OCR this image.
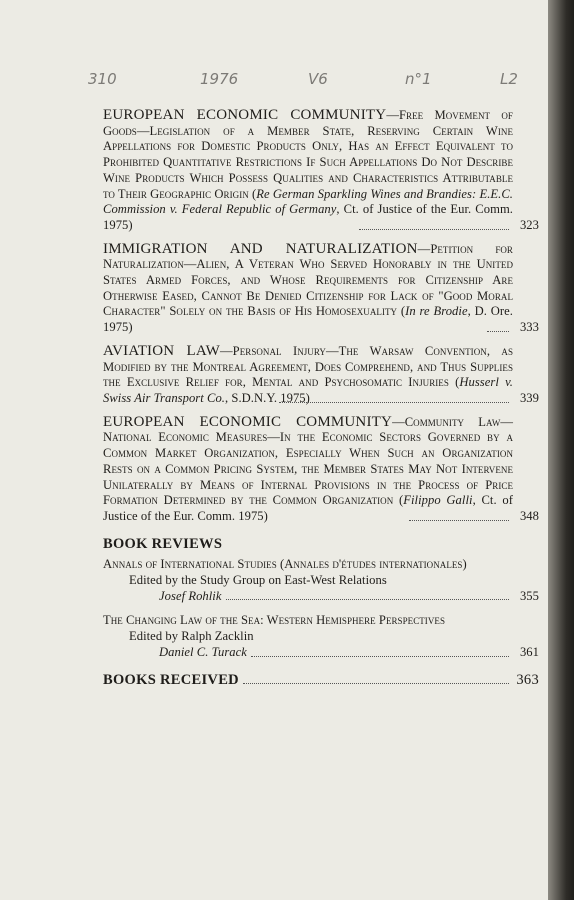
310	1976	V6	n°1	L2

EUROPEAN ECONOMIC COMMUNITY—Free Movement of Goods—Legislation of a Member State, Reserving Certain Wine Appellations for Domestic Products Only, Has an Effect Equivalent to Prohibited Quantitative Restrictions If Such Appellations Do Not Describe Wine Products Which Possess Qualities and Characteristics Attributable to Their Geographic Origin (Re German Sparkling Wines and Brandies: E.E.C. Commission v. Federal Republic of Germany, Ct. of Justice of the Eur. Comm. 1975)	323

IMMIGRATION AND NATURALIZATION—Petition for Naturalization—Alien, A Veteran Who Served Honorably in the United States Armed Forces, and Whose Requirements for Citizenship Are Otherwise Eased, Cannot Be Denied Citizenship for Lack of "Good Moral Character" Solely on the Basis of His Homosexuality (In re Brodie, D. Ore. 1975)	333

AVIATION LAW—Personal Injury—The Warsaw Convention, as Modified by the Montreal Agreement, Does Comprehend, and Thus Supplies the Exclusive Relief for, Mental and Psychosomatic Injuries (Husserl v. Swiss Air Transport Co., S.D.N.Y. 1975)	339

EUROPEAN ECONOMIC COMMUNITY—Community Law—National Economic Measures—In the Economic Sectors Governed by a Common Market Organization, Especially When Such an Organization Rests on a Common Pricing System, the Member States May Not Intervene Unilaterally by Means of Internal Provisions in the Process of Price Formation Determined by the Common Organization (Filippo Galli, Ct. of Justice of the Eur. Comm. 1975)	348
BOOK REVIEWS
Annals of International Studies (Annales d'études internationales)
Edited by the Study Group on East-West Relations
Josef Rohlik	355
The Changing Law of the Sea: Western Hemisphere Perspectives
Edited by Ralph Zacklin
Daniel C. Turack	361
BOOKS RECEIVED	363
